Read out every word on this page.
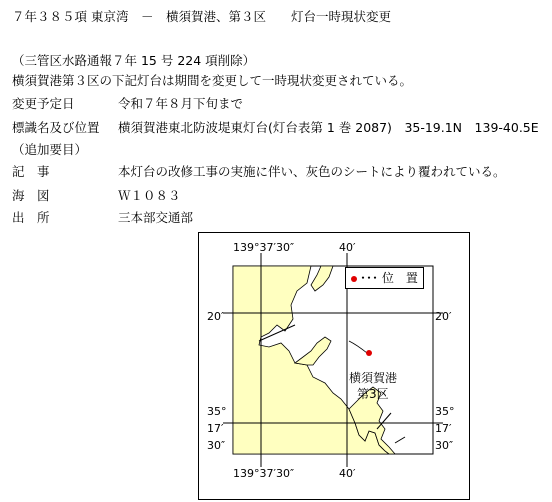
７年３８５項 東京湾　－　横須賀港、第３区　　灯台一時現状変更
（三管区水路通報７年 15 号 224 項削除）
横須賀港第３区の下記灯台は期間を変更して一時現状変更されている。
変更予定日	令和７年８月下旬まで
標識名及び位置 横須賀港東北防波堤東灯台(灯台表第 1 巻 2087)　35-19.1N　139-40.5E
（追加要目）
記　事	本灯台の改修工事の実施に伴い、灰色のシートにより覆われている。
海　図	Ｗ１０８３
出　所	三本部交通部
139°37′30″	40′
139°37′30″	40′
20′	20′
35°
17′
30″
35°
17′
30″
･･･ 位　置
横須賀港
第3区
